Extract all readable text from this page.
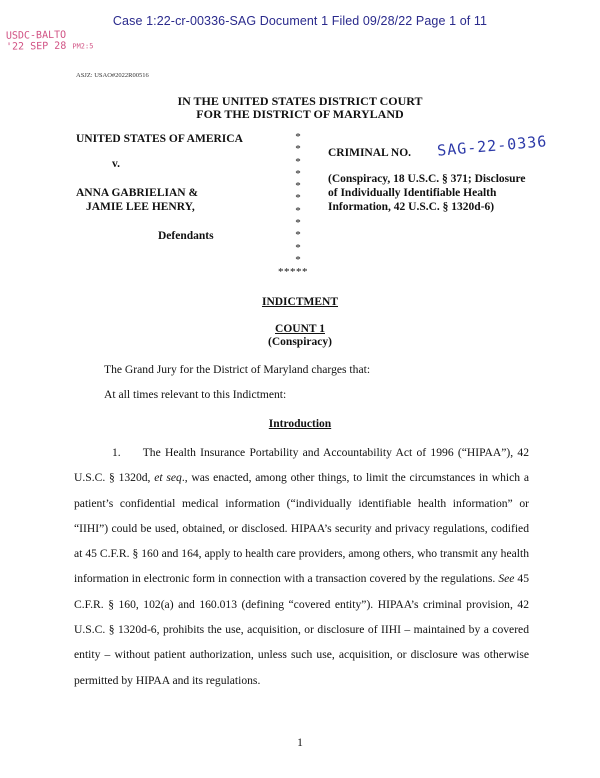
Case 1:22-cr-00336-SAG Document 1 Filed 09/28/22 Page 1 of 11
USDC-BALTO
'22 SEP 28 PM2:5
ASJZ: USAO#2022R00516
IN THE UNITED STATES DISTRICT COURT
FOR THE DISTRICT OF MARYLAND
UNITED STATES OF AMERICA
v.
ANNA GABRIELIAN &
JAMIE LEE HENRY,
Defendants
*
*
*
*
*
*
*
*
*
*
*
*****
CRIMINAL NO. SAG-22-0336
(Conspiracy, 18 U.S.C. § 371; Disclosure
of Individually Identifiable Health
Information, 42 U.S.C. § 1320d-6)
INDICTMENT
COUNT 1
(Conspiracy)
The Grand Jury for the District of Maryland charges that:
At all times relevant to this Indictment:
Introduction
1. The Health Insurance Portability and Accountability Act of 1996 (“HIPAA”), 42 U.S.C. § 1320d, et seq., was enacted, among other things, to limit the circumstances in which a patient’s confidential medical information (“individually identifiable health information” or “IIHI”) could be used, obtained, or disclosed. HIPAA’s security and privacy regulations, codified at 45 C.F.R. § 160 and 164, apply to health care providers, among others, who transmit any health information in electronic form in connection with a transaction covered by the regulations. See 45 C.F.R. § 160, 102(a) and 160.013 (defining “covered entity”). HIPAA’s criminal provision, 42 U.S.C. § 1320d-6, prohibits the use, acquisition, or disclosure of IIHI – maintained by a covered entity – without patient authorization, unless such use, acquisition, or disclosure was otherwise permitted by HIPAA and its regulations.
1
